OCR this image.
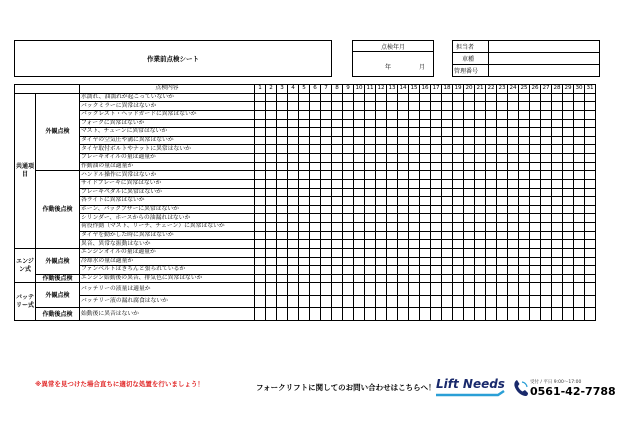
作業前点検シート
点検年月
年	月
担当者
車種
管理番号
		点検内容	1	2	3	4	5	6	7	8	9	10	11	12	13	14	15	16	17	18	19	20	21	22	23	24	25	26	27	28	29	30	31
共通項目	外観点検	水濡れ、油濡れが起こっていないか																															
		バックミラーに異常はないか																															
		バックレスト・ヘッドガードに異常はないか																															
		フォークに異常はないか																															
		マスト、チェーンに異常はないか																															
		タイヤの空気圧や溝に異常はないか																															
		タイヤ取付ボルトやナットに異常はないか																															
		ブレーキオイルの量は適量か																															
		作動油の量は適量か																															
	作動後点検	ハンドル操作に異常はないか																															
		サイドブレーキに異常はないか																															
		ブレーキペダルに異常はないか																															
		各ライトに異常はないか																															
		ホーン、バックブザーに異常はないか																															
		シリンダー、ホースからの油漏れはないか																															
		荷役作動（マスト、リーチ、チェーン）に異常はないか																															
		タイヤを動かした時に異常はないか																															
		異音、異常な振動はないか																															
エンジン式	外観点検	エンジンオイルの量は適量か																															
		冷却水の量は適量か																															
		ファンベルトはきちんと張られているか																															
	作動後点検	エンジン始動後の異音、排気色に異常はないか																															
バッテリー式	外観点検	バッテリーの液量は適量か																															
		バッテリー液の漏れ腐食はないか																															
	作動後点検	始動後に異音はないか																															
※異常を見つけた場合直ちに適切な処置を行いましょう！	フォークリフトに関してのお問い合わせはこちらへ！ Lift Needs	受付 / 平日 9:00〜17:00
0561-42-7788
